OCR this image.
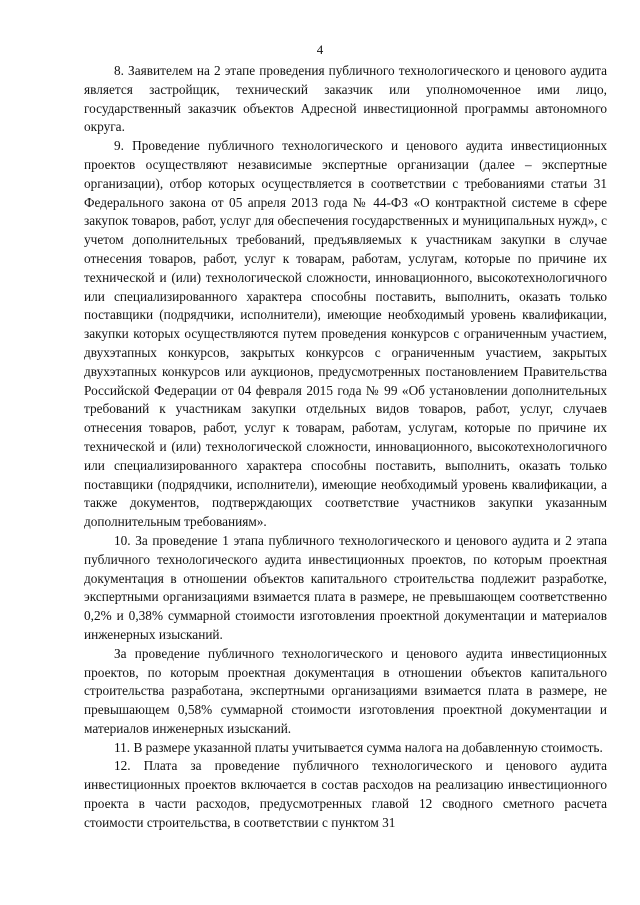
4

8. Заявителем на 2 этапе проведения публичного технологического и ценового аудита является застройщик, технический заказчик или уполномоченное ими лицо, государственный заказчик объектов Адресной инвестиционной программы автономного округа.

9. Проведение публичного технологического и ценового аудита инвестиционных проектов осуществляют независимые экспертные организации (далее – экспертные организации), отбор которых осуществляется в соответствии с требованиями статьи 31 Федерального закона от 05 апреля 2013 года № 44-ФЗ «О контрактной системе в сфере закупок товаров, работ, услуг для обеспечения государственных и муниципальных нужд», с учетом дополнительных требований, предъявляемых к участникам закупки в случае отнесения товаров, работ, услуг к товарам, работам, услугам, которые по причине их технической и (или) технологической сложности, инновационного, высокотехнологичного или специализированного характера способны поставить, выполнить, оказать только поставщики (подрядчики, исполнители), имеющие необходимый уровень квалификации, закупки которых осуществляются путем проведения конкурсов с ограниченным участием, двухэтапных конкурсов, закрытых конкурсов с ограниченным участием, закрытых двухэтапных конкурсов или аукционов, предусмотренных постановлением Правительства Российской Федерации от 04 февраля 2015 года № 99 «Об установлении дополнительных требований к участникам закупки отдельных видов товаров, работ, услуг, случаев отнесения товаров, работ, услуг к товарам, работам, услугам, которые по причине их технической и (или) технологической сложности, инновационного, высокотехнологичного или специализированного характера способны поставить, выполнить, оказать только поставщики (подрядчики, исполнители), имеющие необходимый уровень квалификации, а также документов, подтверждающих соответствие участников закупки указанным дополнительным требованиям».

10. За проведение 1 этапа публичного технологического и ценового аудита и 2 этапа публичного технологического аудита инвестиционных проектов, по которым проектная документация в отношении объектов капитального строительства подлежит разработке, экспертными организациями взимается плата в размере, не превышающем соответственно 0,2% и 0,38% суммарной стоимости изготовления проектной документации и материалов инженерных изысканий.

За проведение публичного технологического и ценового аудита инвестиционных проектов, по которым проектная документация в отношении объектов капитального строительства разработана, экспертными организациями взимается плата в размере, не превышающем 0,58% суммарной стоимости изготовления проектной документации и материалов инженерных изысканий.

11. В размере указанной платы учитывается сумма налога на добавленную стоимость.

12. Плата за проведение публичного технологического и ценового аудита инвестиционных проектов включается в состав расходов на реализацию инвестиционного проекта в части расходов, предусмотренных главой 12 сводного сметного расчета стоимости строительства, в соответствии с пунктом 31
